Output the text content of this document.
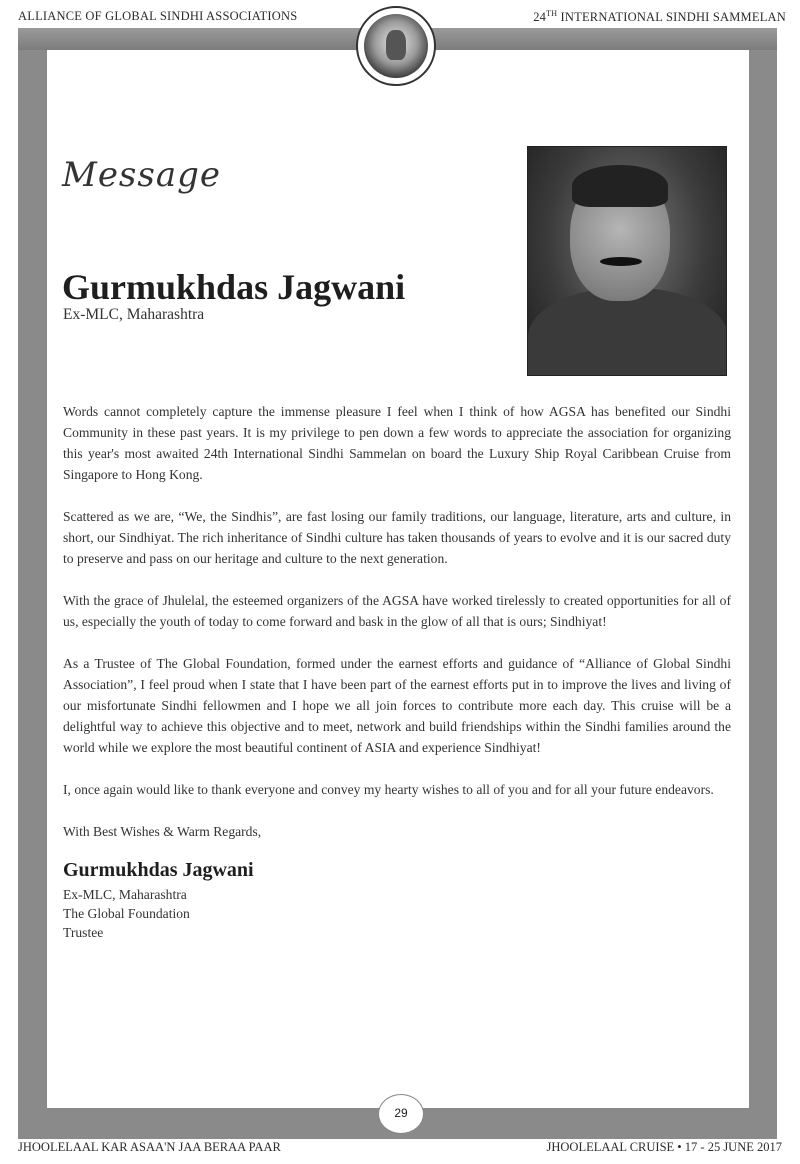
ALLIANCE OF GLOBAL SINDHI ASSOCIATIONS	24TH INTERNATIONAL SINDHI SAMMELAN
Message
Gurmukhdas Jagwani
Ex-MLC, Maharashtra

Words cannot completely capture the immense pleasure I feel when I think of how AGSA has benefited our Sindhi Community in these past years. It is my privilege to pen down a few words to appreciate the association for organizing this year's most awaited 24th International Sindhi Sammelan on board the Luxury Ship Royal Caribbean Cruise from Singapore to Hong Kong.

Scattered as we are, “We, the Sindhis”, are fast losing our family traditions, our language, literature, arts and culture, in short, our Sindhiyat. The rich inheritance of Sindhi culture has taken thousands of years to evolve and it is our sacred duty to preserve and pass on our heritage and culture to the next generation.

With the grace of Jhulelal, the esteemed organizers of the AGSA have worked tirelessly to created opportunities for all of us, especially the youth of today to come forward and bask in the glow of all that is ours; Sindhiyat!

As a Trustee of The Global Foundation, formed under the earnest efforts and guidance of “Alliance of Global Sindhi Association”, I feel proud when I state that I have been part of the earnest efforts put in to improve the lives and living of our misfortunate Sindhi fellowmen and I hope we all join forces to contribute more each day. This cruise will be a delightful way to achieve this objective and to meet, network and build friendships within the Sindhi families around the world while we explore the most beautiful continent of ASIA and experience Sindhiyat!

I, once again would like to thank everyone and convey my hearty wishes to all of you and for all your future endeavors.

With Best Wishes & Warm Regards,

Gurmukhdas Jagwani
Ex-MLC, Maharashtra
The Global Foundation
Trustee
29
JHOOLELAAL KAR ASAA'N JAA BERAA PAAR	JHOOLELAAL CRUISE • 17 - 25 JUNE 2017
